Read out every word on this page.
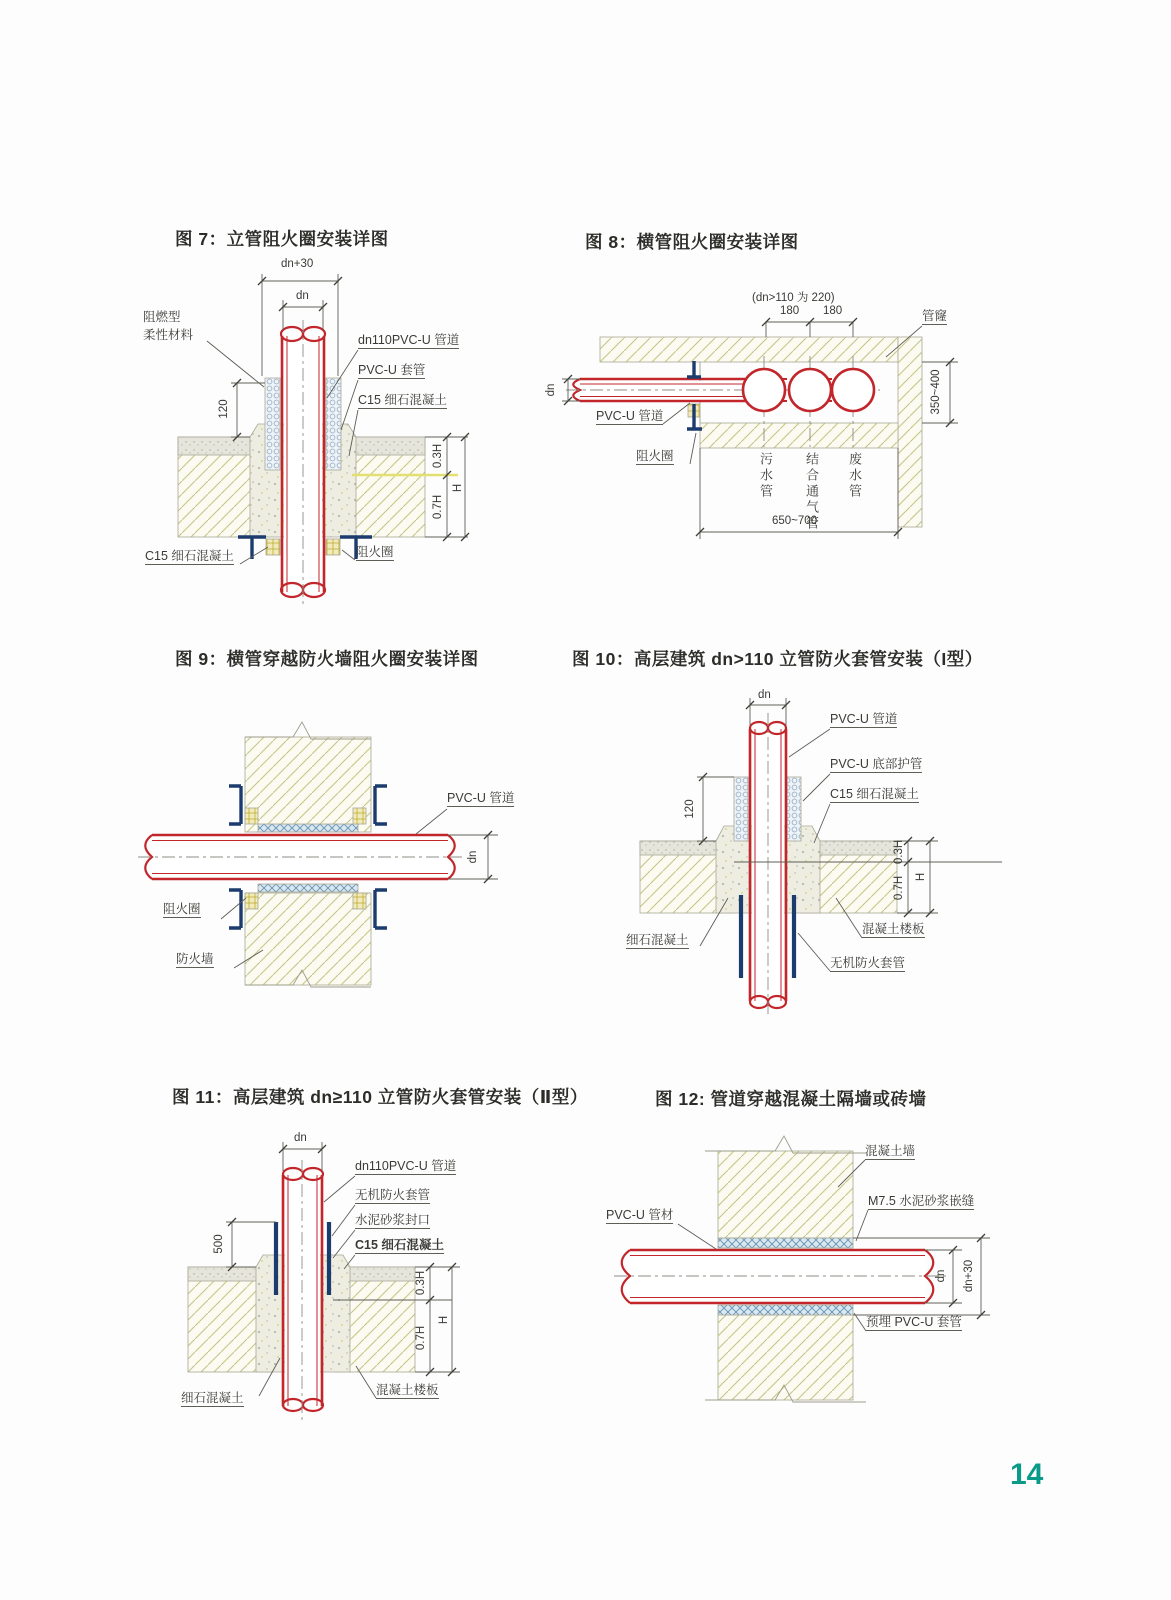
图 7：立管阻火圈安装详图
dn+30
dn
阻燃型
柔性材料	dn110PVC-U 管道
PVC-U 套管
C15 细石混凝土
120
0.3H
0.7H
H
C15 细石混凝土	阻火圈
图 8：横管阻火圈安装详图
(dn>110 为 220)
180 180	管窿
dn
PVC-U 管道
阻火圈	污水管 结合通气管 废水管
650~700
350~400
图 9：横管穿越防火墙阻火圈安装详图
PVC-U 管道
dn
阻火圈
防火墙
图 10：高层建筑 dn>110 立管防火套管安装（I型）
dn
PVC-U 管道
PVC-U 底部护管
C15 细石混凝土
120
0.3H
0.7H H
细石混凝土
混凝土楼板
无机防火套管
图 11：高层建筑 dn≥110 立管防火套管安装（Ⅱ型）
dn
dn110PVC-U 管道
无机防火套管
水泥砂浆封口
C15 细石混凝土
500
0.3H
0.7H
H
细石混凝土
混凝土楼板
图 12: 管道穿越混凝土隔墙或砖墙
混凝土墙
M7.5 水泥砂浆嵌缝
PVC-U 管材
预埋 PVC-U 套管
dn dn+30
14
